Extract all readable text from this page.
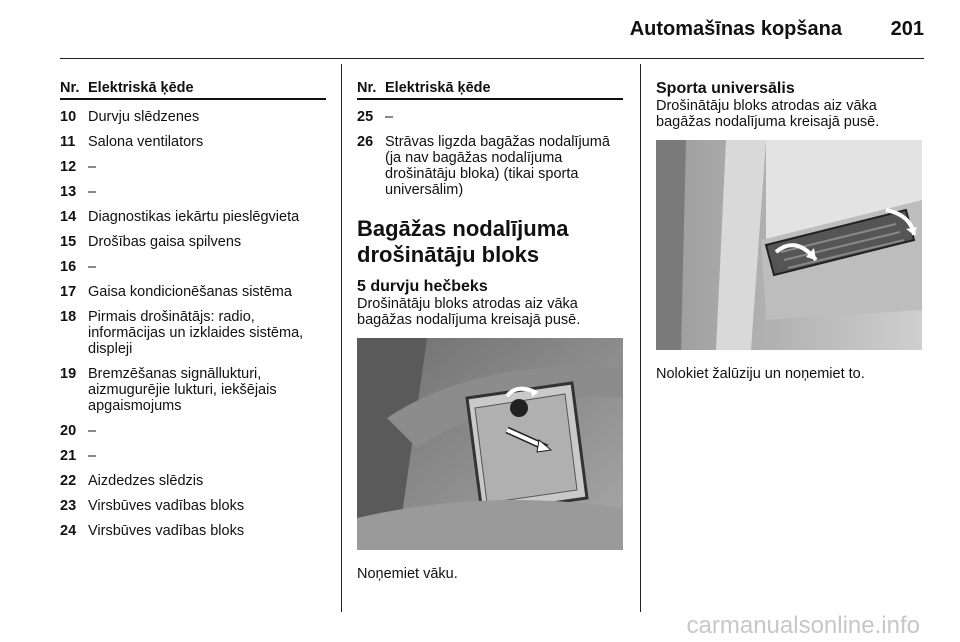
Automašīnas kopšana 201
Nr. Elektriskā ķēde
10 Durvju slēdzenes
11 Salona ventilators
12 –
13 –
14 Diagnostikas iekārtu pieslēgvieta
15 Drošības gaisa spilvens
16 –
17 Gaisa kondicionēšanas sistēma
18 Pirmais drošinātājs: radio, informācijas un izklaides sistēma, displeji
19 Bremzēšanas signāllukturi, aizmugurējie lukturi, iekšējais apgaismojums
20 –
21 –
22 Aizdedzes slēdzis
23 Virsbūves vadības bloks
24 Virsbūves vadības bloks
Nr. Elektriskā ķēde
25 –
26 Strāvas ligzda bagāžas nodalījumā (ja nav bagāžas nodalījuma drošinātāju bloka) (tikai sporta universālim)
Bagāžas nodalījuma drošinātāju bloks
5 durvju hečbeks

Drošinātāju bloks atrodas aiz vāka bagāžas nodalījuma kreisajā pusē.

Noņemiet vāku.

Sporta universālis

Drošinātāju bloks atrodas aiz vāka bagāžas nodalījuma kreisajā pusē.

Nolokiet žalūziju un noņemiet to.

carmanualsonline.info
